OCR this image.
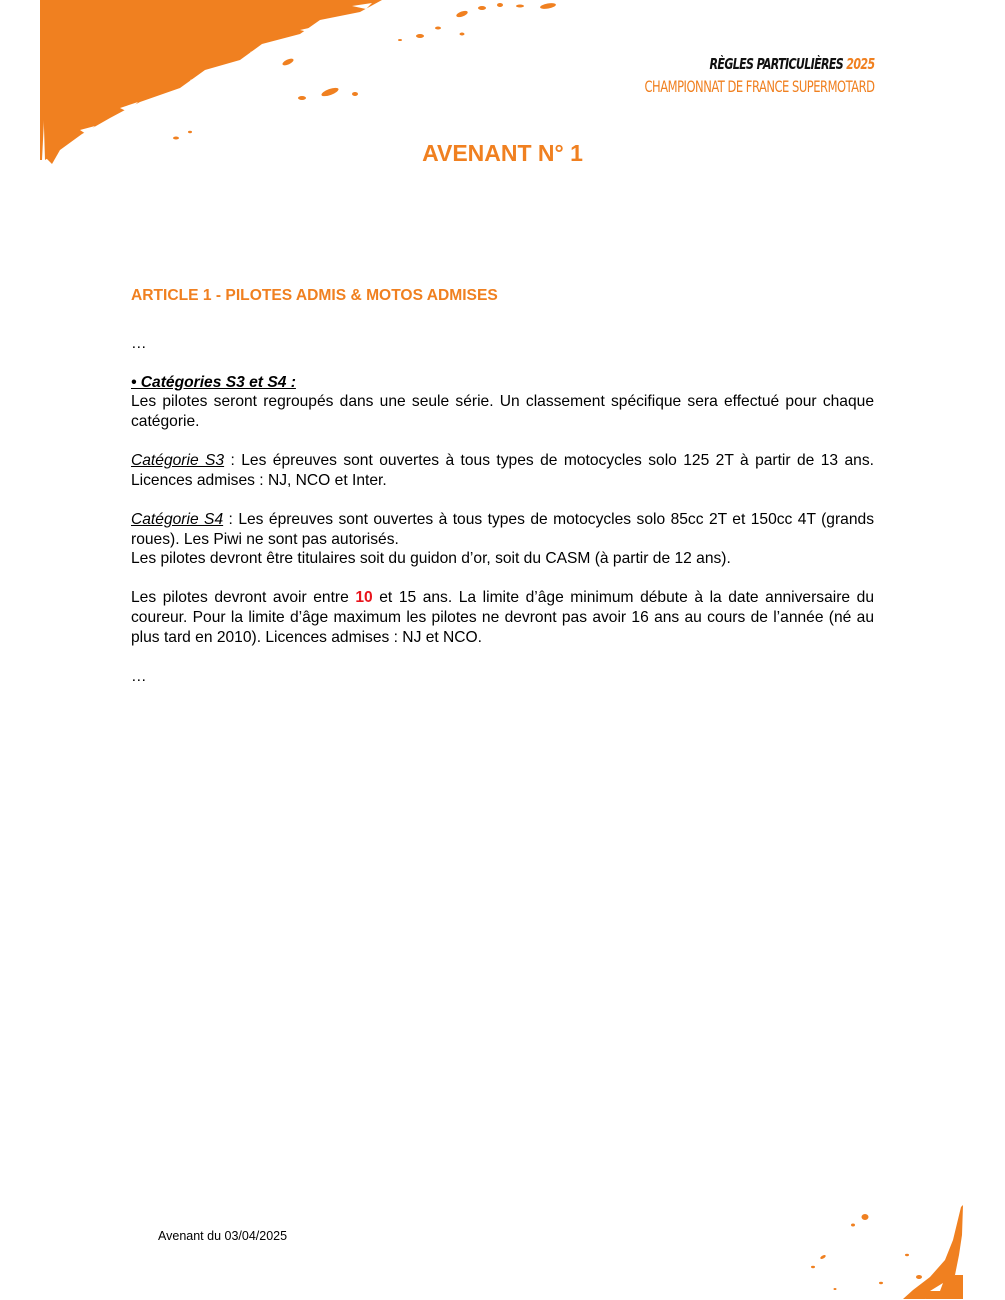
RÈGLES PARTICULIÈRES 2025
CHAMPIONNAT DE FRANCE SUPERMOTARD
AVENANT N° 1
ARTICLE 1 - PILOTES ADMIS & MOTOS ADMISES

…

• Catégories S3 et S4 :

Les pilotes seront regroupés dans une seule série. Un classement spécifique sera effectué pour chaque catégorie.

Catégorie S3 : Les épreuves sont ouvertes à tous types de motocycles solo 125 2T à partir de 13 ans. Licences admises : NJ, NCO et Inter.

Catégorie S4 : Les épreuves sont ouvertes à tous types de motocycles solo 85cc 2T et 150cc 4T (grands roues). Les Piwi ne sont pas autorisés.

Les pilotes devront être titulaires soit du guidon d’or, soit du CASM (à partir de 12 ans).

Les pilotes devront avoir entre 10 et 15 ans. La limite d’âge minimum débute à la date anniversaire du coureur. Pour la limite d’âge maximum les pilotes ne devront pas avoir 16 ans au cours de l’année (né au plus tard en 2010). Licences admises : NJ et NCO.

…

Avenant du 03/04/2025
